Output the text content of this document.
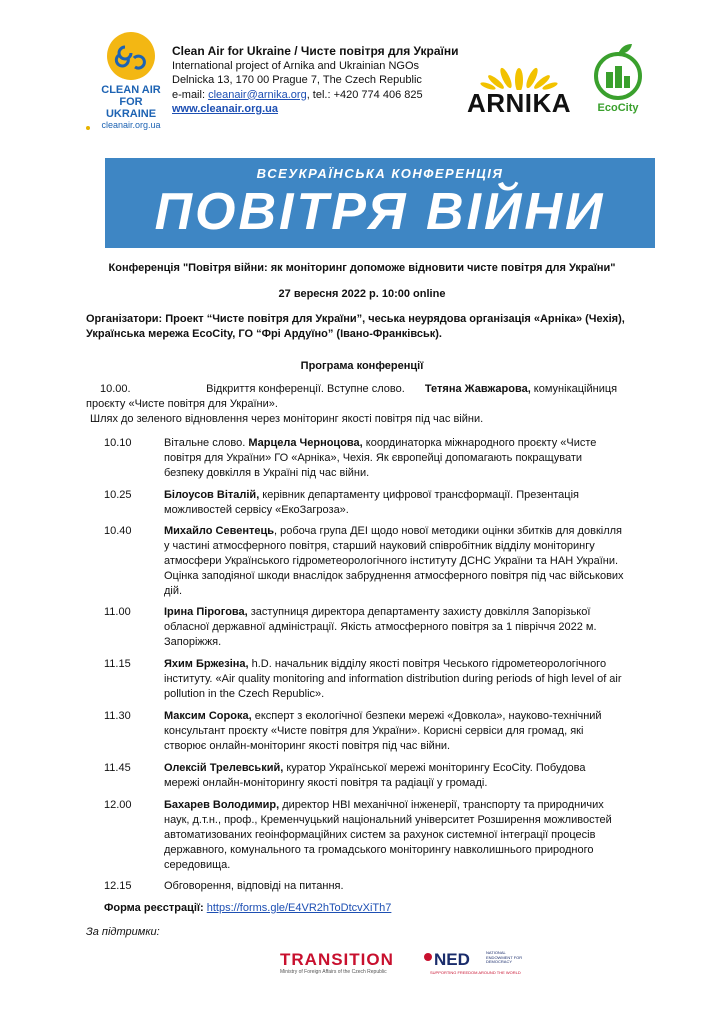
CLEAN AIR FOR UKRAINE
cleanair.org.ua
Clean Air for Ukraine / Чисте повітря для України
International project of Arnika and Ukrainian NGOs
Delnicka 13, 170 00 Prague 7, The Czech Republic
e-mail: cleanair@arnika.org, tel.: +420 774 406 825
www.cleanair.org.ua	ARNIKA	EcoCity
ВСЕУКРАЇНСЬКА КОНФЕРЕНЦІЯ
ПОВІТРЯ ВІЙНИ
Конференція "Повітря війни: як моніторинг допоможе відновити чисте повітря для України"
27 вересня 2022 р. 10:00 online
Організатори: Проект “Чисте повітря для України”, чеська неурядова організація «Арніка» (Чехія), Українська мережа EcoCity, ГО “Фрі Ардуїно” (Івано-Франківськ).
Програма конференції
10.00.	Відкриття конференції. Вступне слово. Тетяна Жавжарова, комунікаційниця проєкту «Чисте повітря для України».
Шлях до зеленого відновлення через моніторинг якості повітря під час війни.
10.10	Вітальне слово. Марцела Черноцова, координаторка міжнародного проєкту «Чисте повітря для України» ГО «Арніка», Чехія. Як європейці допомагають покращувати безпеку довкілля в Україні під час війни.
10.25	Білоусов Віталій, керівник департаменту цифрової трансформації. Презентація можливостей сервісу «ЕкоЗагроза».
10.40	Михайло Севентець, робоча група ДЕІ щодо нової методики оцінки збитків для довкілля у частині атмосферного повітря, старший науковий співробітник відділу моніторингу атмосфери Українського гідрометеорологічного інституту ДСНС України та НАН України. Оцінка заподіяної шкоди внаслідок забруднення атмосферного повітря під час військових дій.
11.00	Ірина Пірогова, заступниця директора департаменту захисту довкілля Запорізької обласної державної адміністрації. Якість атмосферного повітря за 1 півріччя 2022 м. Запоріжжя.
11.15	Яхим Бржезіна, h.D. начальник відділу якості повітря Чеського гідрометеорологічного інституту. «Air quality monitoring and information distribution during periods of high level of air pollution in the Czech Republic».
11.30	Максим Сорока, експерт з екологічної безпеки мережі «Довкола», науково-технічний консультант проєкту «Чисте повітря для України». Корисні сервіси для громад, які створює онлайн-моніторинг якості повітря під час війни.
11.45	Олексій Трелевський, куратор Української мережі моніторингу EcoCity. Побудова мережі онлайн-моніторингу якості повітря та радіації у громаді.
12.00	Бахарев Володимир, директор НВІ механічної інженерії, транспорту та природничих наук, д.т.н., проф., Кременчуцький національний університет Розширення можливостей автоматизованих геоінформаційних систем за рахунок системної інтеграції процесів державного, комунального та громадського моніторингу навколишнього природного середовища.
12.15	Обговорення, відповіді на питання.
Форма реєстрації: https://forms.gle/E4VR2hToDtcvXiTh7
За підтримки:
TRANSITION
Ministry of Foreign Affairs of the Czech Republic
NED	NATIONAL ENDOWMENT FOR DEMOCRACY
SUPPORTING FREEDOM AROUND THE WORLD
